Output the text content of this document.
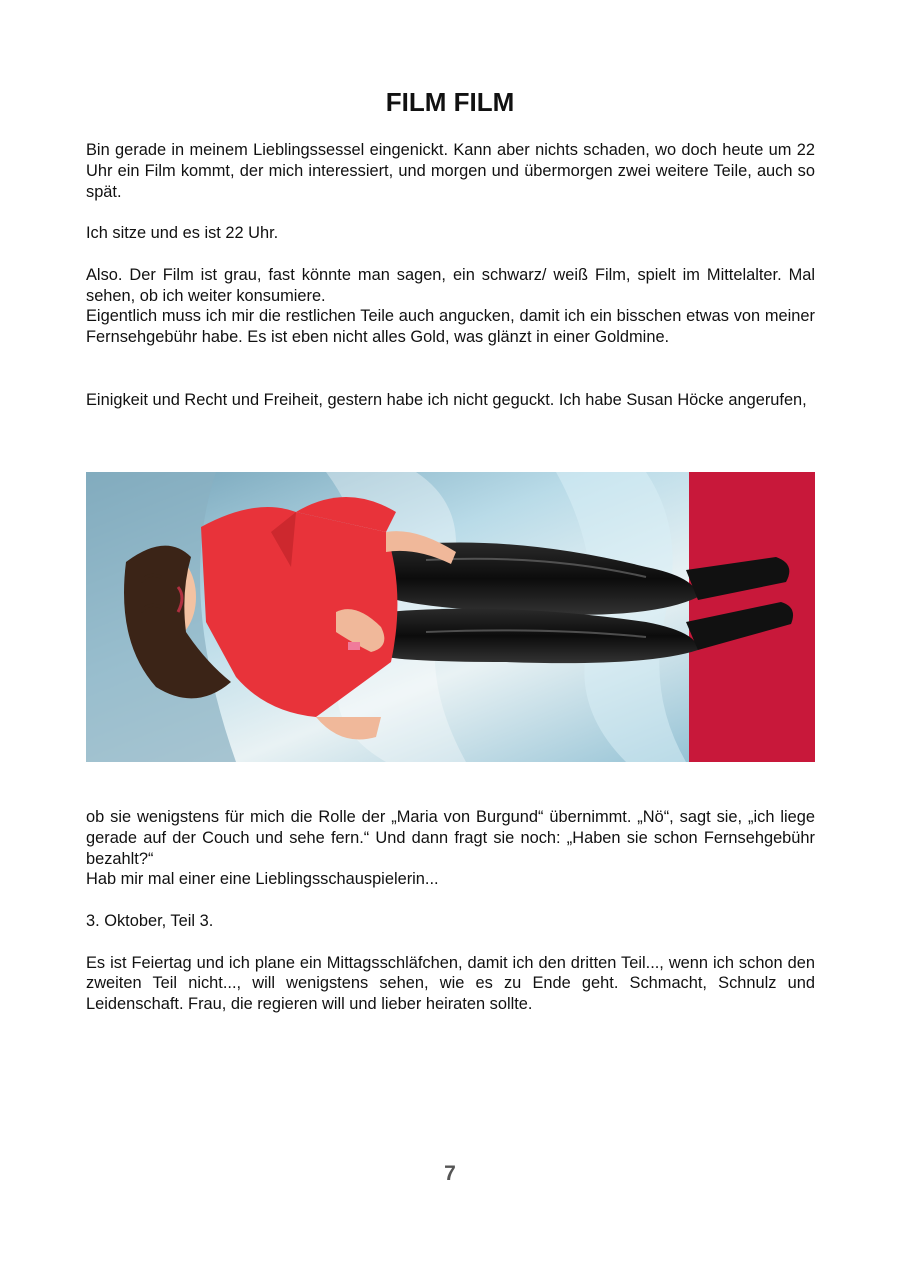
FILM FILM

Bin gerade in meinem Lieblingssessel eingenickt. Kann aber nichts schaden, wo doch heute um 22 Uhr ein Film kommt, der mich interessiert, und morgen und übermorgen zwei weitere Teile, auch so spät.

Ich sitze und es ist 22 Uhr.

Also. Der Film ist grau, fast könnte man sagen, ein schwarz/ weiß Film, spielt im Mittelalter. Mal sehen, ob ich weiter konsumiere.

Eigentlich muss ich mir die restlichen Teile auch angucken, damit ich ein bisschen etwas von meiner Fernsehgebühr habe. Es ist eben nicht alles Gold, was glänzt in einer Goldmine.

Einigkeit und Recht und Freiheit, gestern habe ich nicht geguckt. Ich habe Susan Höcke angerufen,

ob sie wenigstens für mich die Rolle der „Maria von Burgund“ übernimmt. „Nö“, sagt sie, „ich liege gerade auf der Couch und sehe fern.“ Und dann fragt sie noch: „Haben sie schon Fernsehgebühr bezahlt?“

Hab mir mal einer eine Lieblingsschauspielerin...

3. Oktober, Teil 3.

Es ist Feiertag und ich plane ein Mittagsschläfchen, damit ich den dritten Teil..., wenn ich schon den zweiten Teil nicht..., will wenigstens sehen, wie es zu Ende geht. Schmacht, Schnulz und Leidenschaft. Frau, die regieren will und lieber heiraten sollte.

7
